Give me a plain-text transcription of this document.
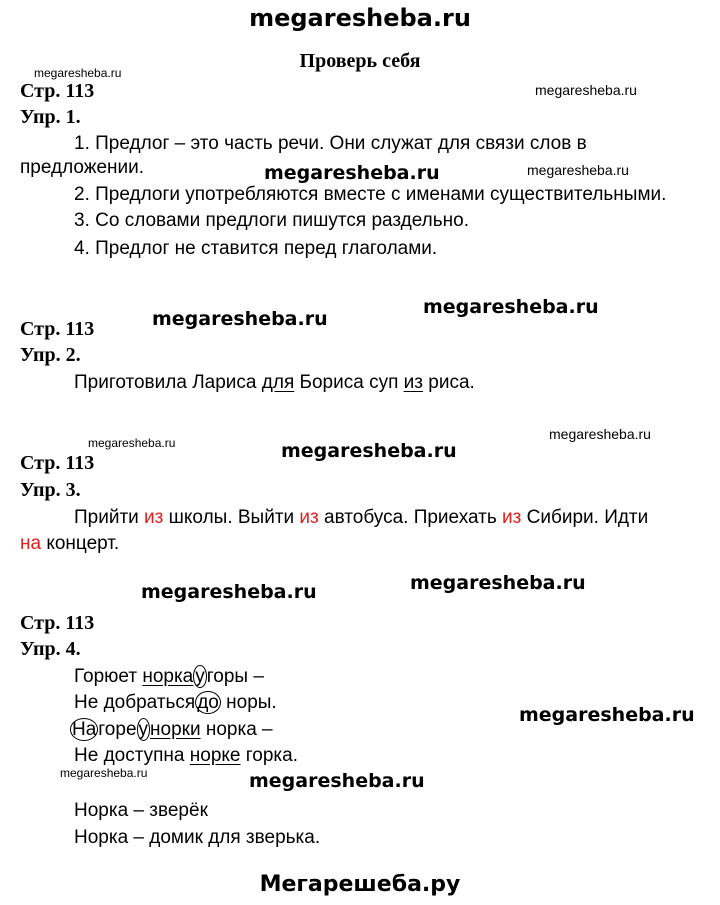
megaresheba.ru
Проверь себя
megaresheba.ru
megaresheba.ru
megaresheba.ru	megaresheba.ru
megaresheba.ru
megaresheba.ru
megaresheba.ru
megaresheba.ru
megaresheba.ru
megaresheba.ru	megaresheba.ru
megaresheba.ru
megaresheba.ru	megaresheba.ru
Стр. 113
Упр. 1.
1. Предлог – это часть речи. Они служат для связи слов в
предложении.
2. Предлоги употребляются вместе с именами существительными.
3. Со словами предлоги пишутся раздельно.
4. Предлог не ставится перед глаголами.
Стр. 113
Упр. 2.
Приготовила Лариса для Бориса суп из риса.
Стр. 113
Упр. 3.
Прийти из школы. Выйти из автобуса. Приехать из Сибири. Идти
на концерт.
Стр. 113
Упр. 4.
Горюет норка у горы –
Не добраться до норы.
На горе у норки норка –
Не доступна норке горка.
Норка – зверёк
Норка – домик для зверька.
Мегарешеба.ру
